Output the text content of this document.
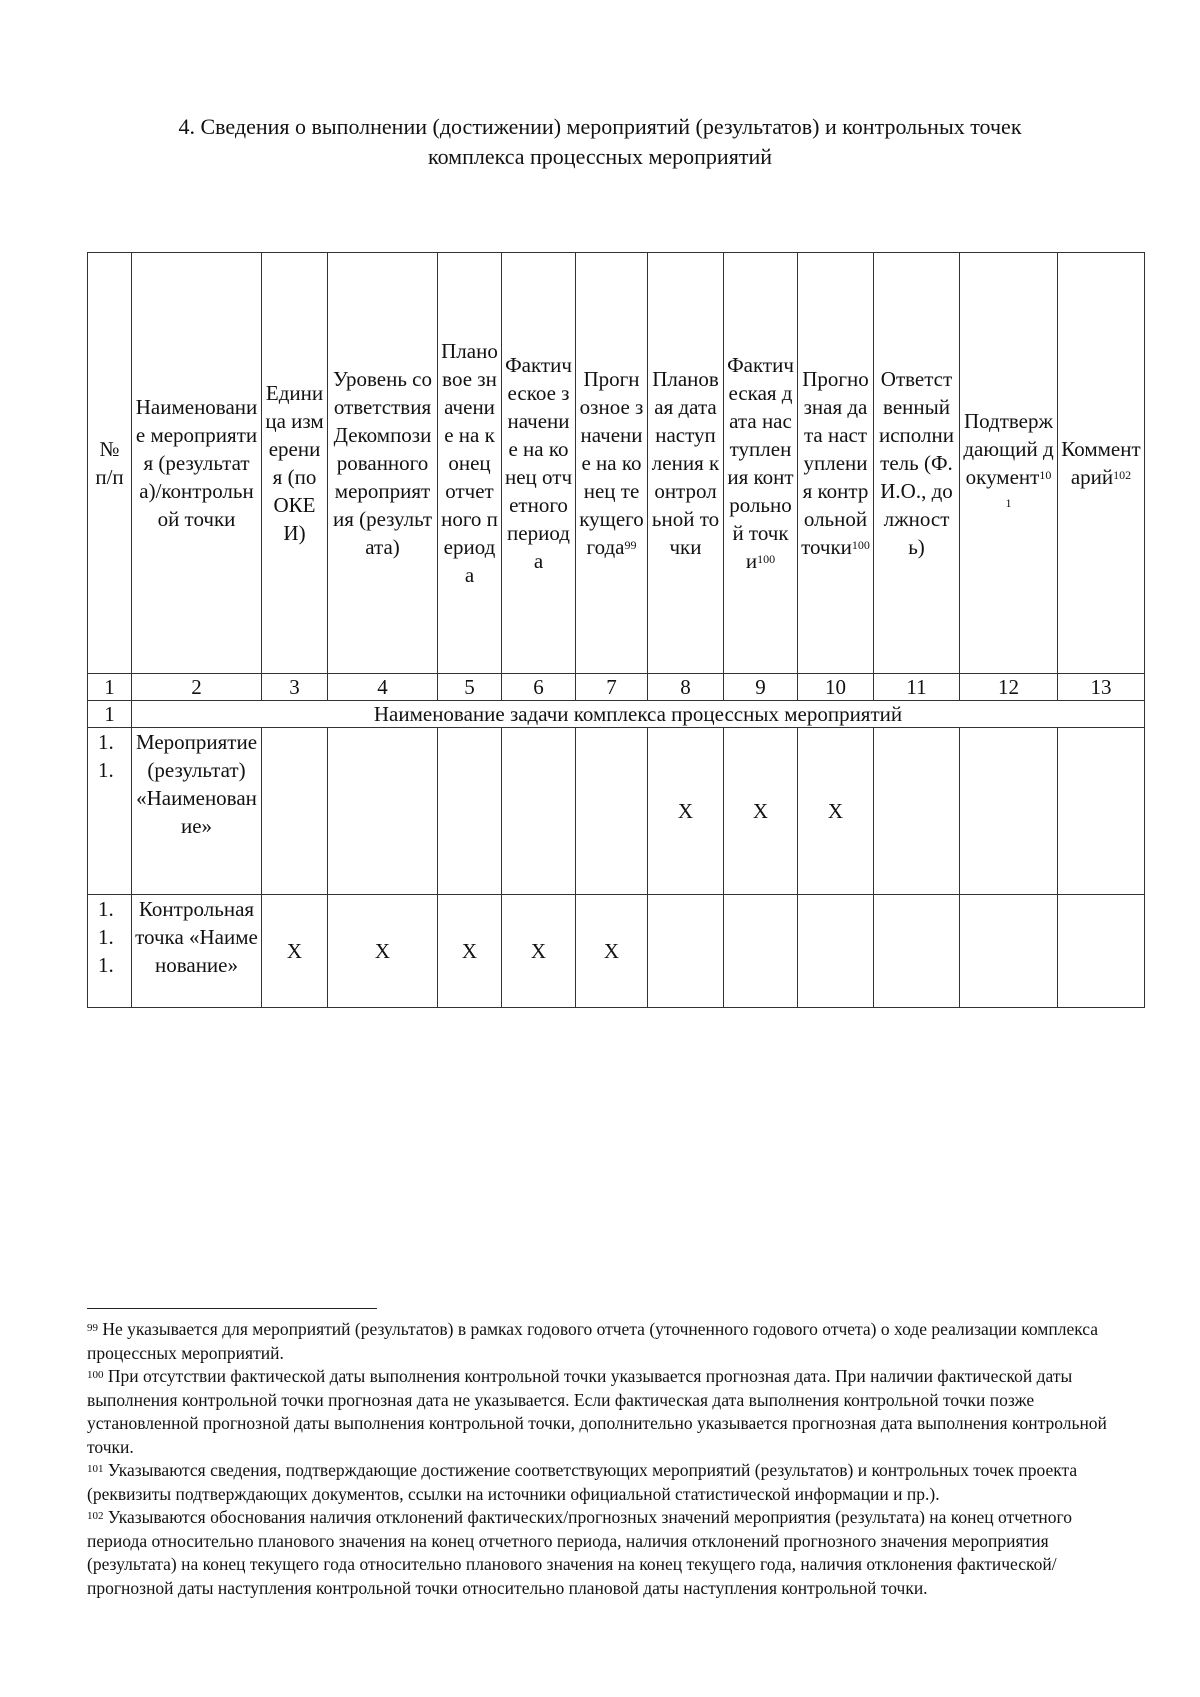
4. Сведения о выполнении (достижении) мероприятий (результатов) и контрольных точек
комплекса процессных мероприятий
№ п/п	Наименование мероприятия (результата)/контрольной точки	Единица измерения (по ОКЕИ)	Уровень соответствия Декомпозированного мероприятия (результата)	Плановое значение на конец отчетного периода	Фактическое значение на конец отчетного периода	Прогнозное значение на конец текущего года$^{99}$	Плановая дата наступления контрольной точки	Фактическая дата наступления контрольной точки$^{100}$	Прогнозная дата наступления контрольной точки$^{100}$	Ответственный исполнитель (Ф.И.О., должность)	Подтверждающий документ$^{101}$	Комментарий$^{102}$
1	2	3	4	5	6	7	8	9	10	11	12	13
1	Наименование задачи комплекса процессных мероприятий											
1.1.	Мероприятие (результат) «Наименование»						X	X	X			
1.1.1.	Контрольная точка «Наименование»	X	X	X	X	X						
$^{99}$ Не указывается для мероприятий (результатов) в рамках годового отчета (уточненного годового отчета) о ходе реализации комплекса процессных мероприятий.
$^{100}$ При отсутствии фактической даты выполнения контрольной точки указывается прогнозная дата. При наличии фактической даты выполнения контрольной точки прогнозная дата не указывается. Если фактическая дата выполнения контрольной точки позже установленной прогнозной даты выполнения контрольной точки, дополнительно указывается прогнозная дата выполнения контрольной точки.
$^{101}$ Указываются сведения, подтверждающие достижение соответствующих мероприятий (результатов) и контрольных точек проекта (реквизиты подтверждающих документов, ссылки на источники официальной статистической информации и пр.).
$^{102}$ Указываются обоснования наличия отклонений фактических/прогнозных значений мероприятия (результата) на конец отчетного периода относительно планового значения на конец отчетного периода, наличия отклонений прогнозного значения мероприятия (результата) на конец текущего года относительно планового значения на конец текущего года, наличия отклонения фактической/прогнозной даты наступления контрольной точки относительно плановой даты наступления контрольной точки.
